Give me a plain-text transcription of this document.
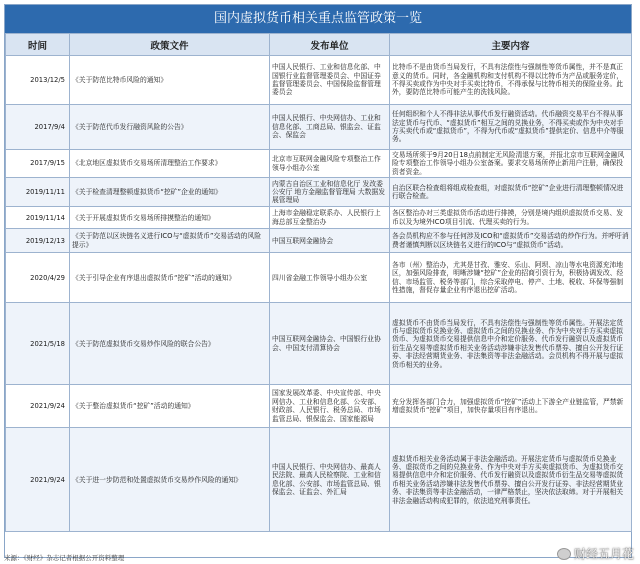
国内虚拟货币相关重点监管政策一览
时间	政策文件	发布单位	主要内容
2013/12/5	《关于防范比特币风险的通知》	中国人民银行、工业和信息化部、中国银行业监督管理委员会、中国证券监督管理委员会、中国保险监督管理委员会	比特币不是由货币当局发行，不具有法偿性与强制性等货币属性，并不是真正意义的货币。同时，各金融机构和支付机构不得以比特币为产品或服务定价，不得买卖或作为中央对手买卖比特币，不得承保与比特币相关的保险业务。此外，要防范比特币可能产生的洗钱风险。
2017/9/4	《关于防范代币发行融资风险的公告》	中国人民银行、中央网信办、工业和信息化部、工商总局、银监会、证监会、保监会	任何组织和个人不得非法从事代币发行融资活动。代币融资交易平台不得从事法定货币与代币、“虚拟货币”相互之间的兑换业务，不得买卖或作为中央对手方买卖代币或“虚拟货币”，不得为代币或“虚拟货币”提供定价、信息中介等服务。
2017/9/15	《北京地区虚拟货币交易场所清理整治工作要求》	北京市互联网金融风险专项整治工作领导小组办公室	交易场所须于9月20日18点前制定无风险清退方案，并报北京市互联网金融风险专项整治工作领导小组办公室备案。要求交易场所停止新用户注册，确保投资者资金。
2019/11/11	《关于检查清理整顿虚拟货币“挖矿”企业的通知》	内蒙古自治区工业和信息化厅 发改委 公安厅 地方金融监督管理局 大数据发展管理局	自治区联合检查组将组成检查组，对虚拟货币“挖矿”企业进行清理整顿情况进行联合检查。
2019/11/14	《关于开展虚拟货币交易场所排摸整治的通知》	上海市金融稳定联系办、人民银行上海总部互金整治办	各区整治办对三类虚拟货币活动进行排摸，分别是境内组织虚拟货币交易、发币以及为境外ICO项目引流、代理买卖的行为。
2019/12/13	《关于防范以区块链名义进行ICO与“虚拟货币”交易活动的风险提示》	中国互联网金融协会	各会员机构应不参与任何涉及ICO和“虚拟货币”交易活动的炒作行为。并呼吁消费者谨慎判断以区块链名义进行的ICO与“虚拟货币”活动。
2020/4/29	《关于引导企业有序退出虚拟货币“挖矿”活动的通知》	四川省金融工作领导小组办公室	各市（州）整治办，尤其是甘孜、雅安、乐山、阿坝、凉山等水电资源充沛地区，加强风险排查，明晰涉嫌“挖矿”企业的招商引资行为，积极协调发改、经信、市场监管、税务等部门，综合采取停电、停产、土地、税收、环保等强制性措施，督促存量企业有序退出挖矿活动。
2021/5/18	《关于防范虚拟货币交易炒作风险的联合公告》	中国互联网金融协会、中国银行业协会、中国支付清算协会	虚拟货币不由货币当局发行，不具有法偿性与强制性等货币属性。开展法定货币与虚拟货币兑换业务、虚拟货币之间的兑换业务、作为中央对手方买卖虚拟货币、为虚拟货币交易提供信息中介和定价服务、代币发行融资以及虚拟货币衍生品交易等虚拟货币相关业务活动涉嫌非法发售代币票券、擅自公开发行证券、非法经营期货业务、非法集资等非法金融活动。会员机构不得开展与虚拟货币相关的业务。
2021/9/24	《关于整治虚拟货币“挖矿”活动的通知》	国家发展改革委、中央宣传部、中央网信办、工业和信息化部、公安部、财政部、人民银行、税务总局、市场监管总局、银保监会、国家能源局	充分发挥各部门合力，加强虚拟货币“挖矿”活动上下游全产业链监管，严禁新增虚拟货币“挖矿”项目，加快存量项目有序退出。
2021/9/24	《关于进一步防范和处置虚拟货币交易炒作风险的通知》	中国人民银行、中央网信办、最高人民法院、最高人民检察院、工业和信息化部、公安部、市场监管总局、银保监会、证监会、外汇局	虚拟货币相关业务活动属于非法金融活动。开展法定货币与虚拟货币兑换业务、虚拟货币之间的兑换业务、作为中央对手方买卖虚拟货币、为虚拟货币交易提供信息中介和定价服务、代币发行融资以及虚拟货币衍生品交易等虚拟货币相关业务活动涉嫌非法发售代币票券、擅自公开发行证券、非法经营期货业务、非法集资等非法金融活动，一律严格禁止，坚决依法取缔。对于开展相关非法金融活动构成犯罪的，依法追究刑事责任。
来源：《财经》杂志记者根据公开资料整理	财经五月花
